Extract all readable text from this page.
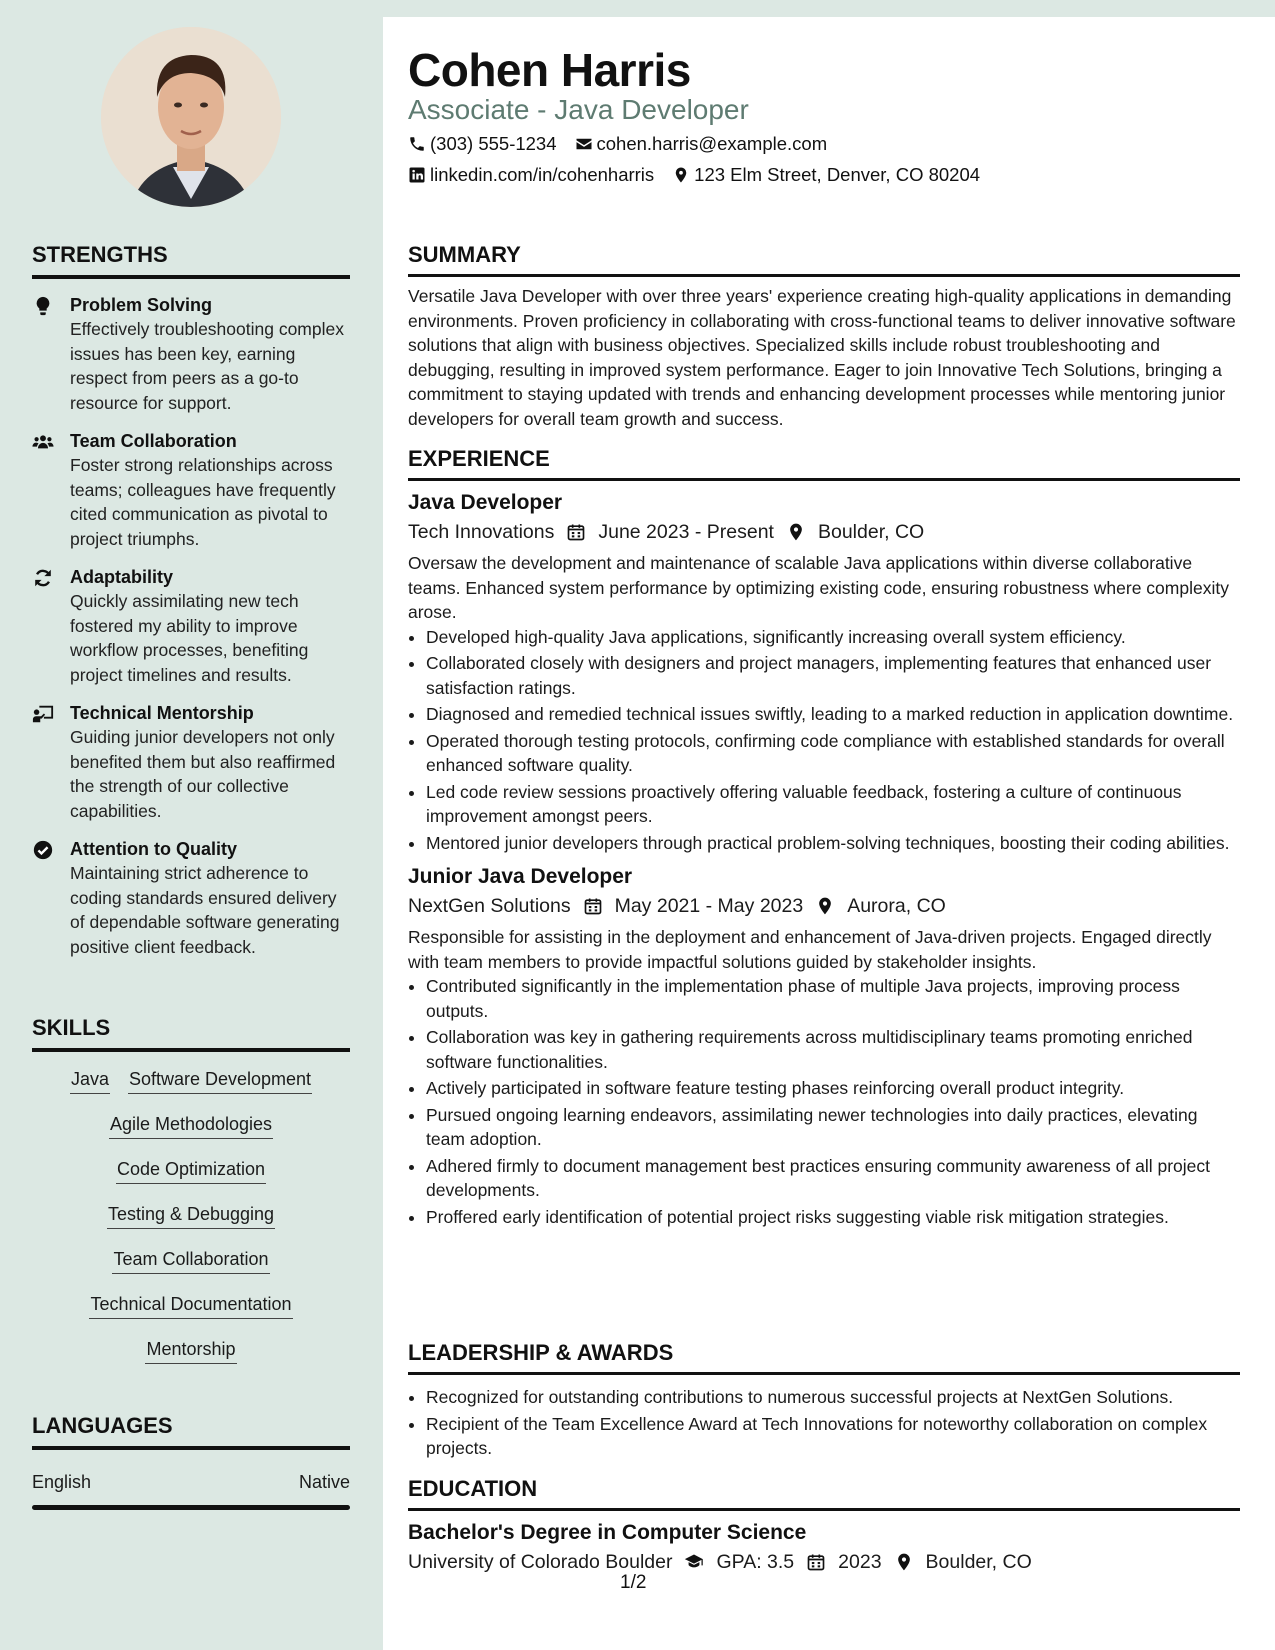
Cohen Harris
Associate - Java Developer
(303) 555-1234 cohen.harris@example.com
linkedin.com/in/cohenharris 123 Elm Street, Denver, CO 80204
STRENGTHS
Problem Solving
Effectively troubleshooting complex issues has been key, earning respect from peers as a go-to resource for support.
Team Collaboration
Foster strong relationships across teams; colleagues have frequently cited communication as pivotal to project triumphs.
Adaptability
Quickly assimilating new tech fostered my ability to improve workflow processes, benefiting project timelines and results.
Technical Mentorship
Guiding junior developers not only benefited them but also reaffirmed the strength of our collective capabilities.
Attention to Quality
Maintaining strict adherence to coding standards ensured delivery of dependable software generating positive client feedback.
SKILLS
Java Software Development
Agile Methodologies
Code Optimization
Testing & Debugging
Team Collaboration
Technical Documentation
Mentorship
LANGUAGES
English	Native
SUMMARY
Versatile Java Developer with over three years' experience creating high-quality applications in demanding environments. Proven proficiency in collaborating with cross-functional teams to deliver innovative software solutions that align with business objectives. Specialized skills include robust troubleshooting and debugging, resulting in improved system performance. Eager to join Innovative Tech Solutions, bringing a commitment to staying updated with trends and enhancing development processes while mentoring junior developers for overall team growth and success.
EXPERIENCE
Java Developer
Tech Innovations June 2023 - Present Boulder, CO
Oversaw the development and maintenance of scalable Java applications within diverse collaborative teams. Enhanced system performance by optimizing existing code, ensuring robustness where complexity arose.
• Developed high-quality Java applications, significantly increasing overall system efficiency.
• Collaborated closely with designers and project managers, implementing features that enhanced user satisfaction ratings.
• Diagnosed and remedied technical issues swiftly, leading to a marked reduction in application downtime.
• Operated thorough testing protocols, confirming code compliance with established standards for overall enhanced software quality.
• Led code review sessions proactively offering valuable feedback, fostering a culture of continuous improvement amongst peers.
• Mentored junior developers through practical problem-solving techniques, boosting their coding abilities.
Junior Java Developer
NextGen Solutions May 2021 - May 2023 Aurora, CO
Responsible for assisting in the deployment and enhancement of Java-driven projects. Engaged directly with team members to provide impactful solutions guided by stakeholder insights.
• Contributed significantly in the implementation phase of multiple Java projects, improving process outputs.
• Collaboration was key in gathering requirements across multidisciplinary teams promoting enriched software functionalities.
• Actively participated in software feature testing phases reinforcing overall product integrity.
• Pursued ongoing learning endeavors, assimilating newer technologies into daily practices, elevating team adoption.
• Adhered firmly to document management best practices ensuring community awareness of all project developments.
• Proffered early identification of potential project risks suggesting viable risk mitigation strategies.
LEADERSHIP & AWARDS
• Recognized for outstanding contributions to numerous successful projects at NextGen Solutions.
• Recipient of the Team Excellence Award at Tech Innovations for noteworthy collaboration on complex projects.
EDUCATION
Bachelor's Degree in Computer Science
University of Colorado Boulder GPA: 3.5 2023 Boulder, CO
1/2
